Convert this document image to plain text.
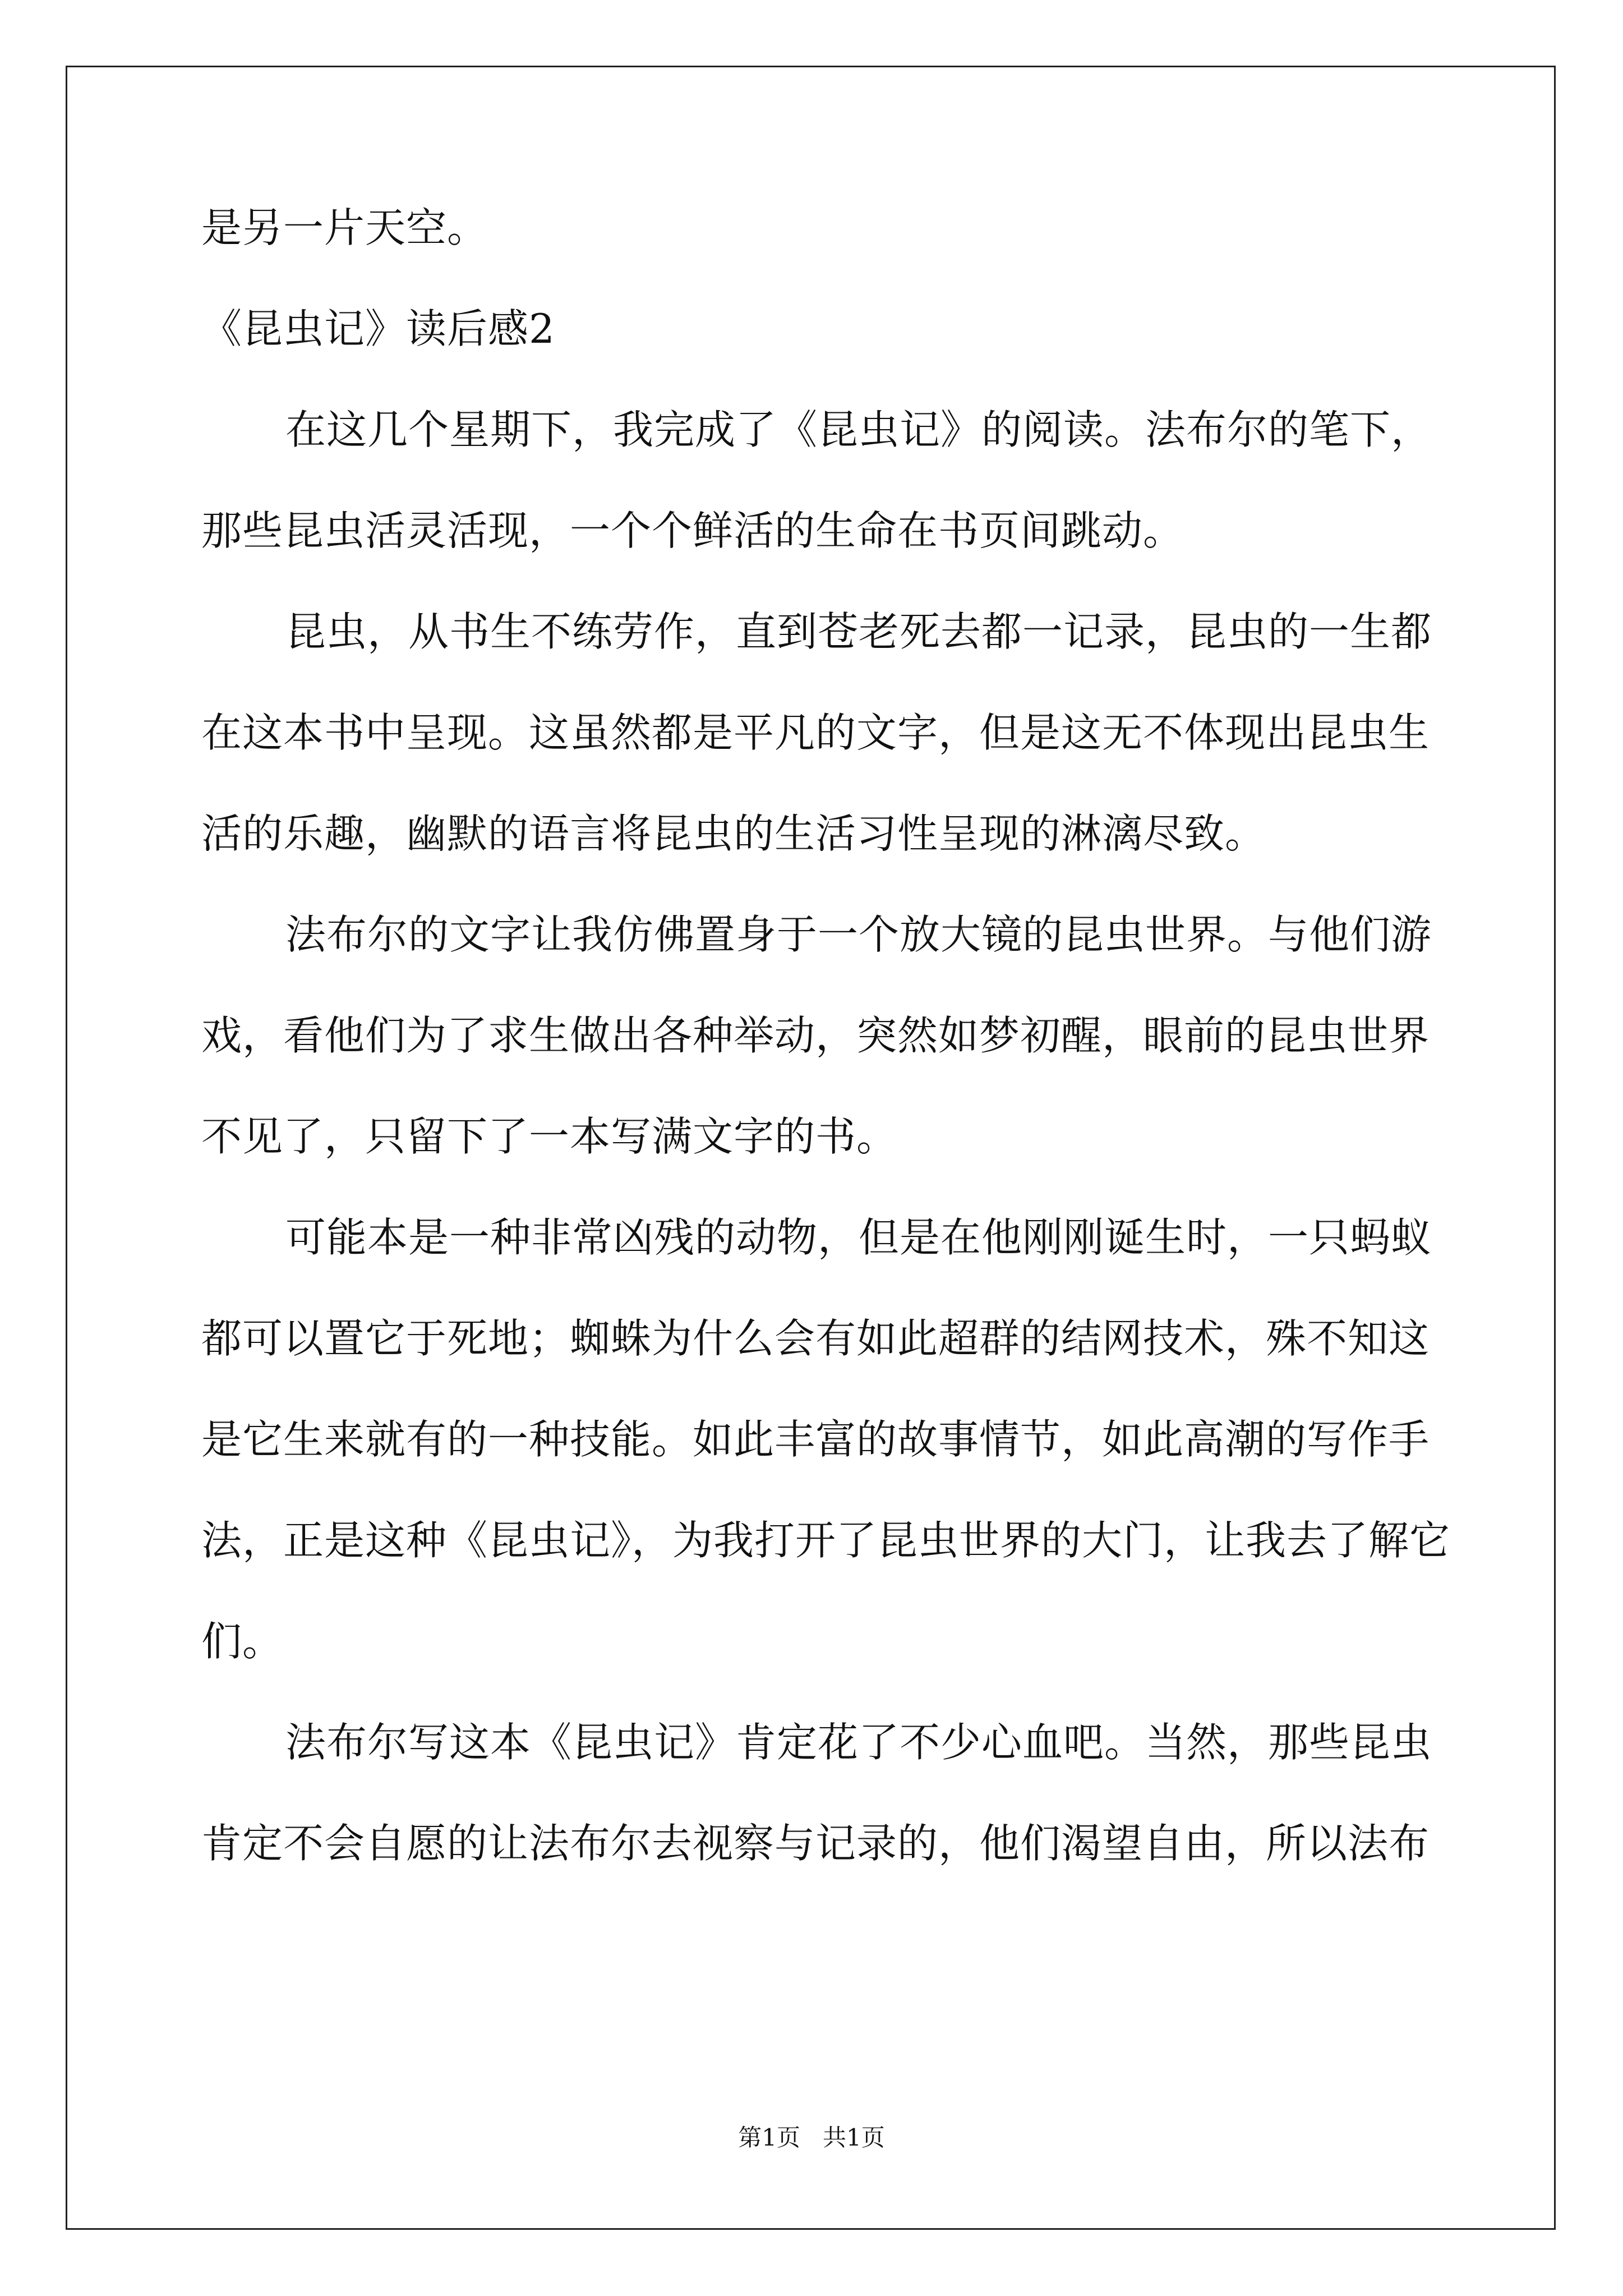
是另一片天空。
《昆虫记》读后感2
在这几个星期下，我完成了《昆虫记》的阅读。法布尔的笔下，
那些昆虫活灵活现，一个个鲜活的生命在书页间跳动。
昆虫，从书生不练劳作，直到苍老死去都一记录，昆虫的一生都
在这本书中呈现。这虽然都是平凡的文字，但是这无不体现出昆虫生
活的乐趣，幽默的语言将昆虫的生活习性呈现的淋漓尽致。
法布尔的文字让我仿佛置身于一个放大镜的昆虫世界。与他们游
戏，看他们为了求生做出各种举动，突然如梦初醒，眼前的昆虫世界
不见了，只留下了一本写满文字的书。
可能本是一种非常凶残的动物，但是在他刚刚诞生时，一只蚂蚁
都可以置它于死地；蜘蛛为什么会有如此超群的结网技术，殊不知这
是它生来就有的一种技能。如此丰富的故事情节，如此高潮的写作手
法，正是这种《昆虫记》，为我打开了昆虫世界的大门，让我去了解它
们。
法布尔写这本《昆虫记》肯定花了不少心血吧。当然，那些昆虫
肯定不会自愿的让法布尔去视察与记录的，他们渴望自由，所以法布
第1页   共1页
